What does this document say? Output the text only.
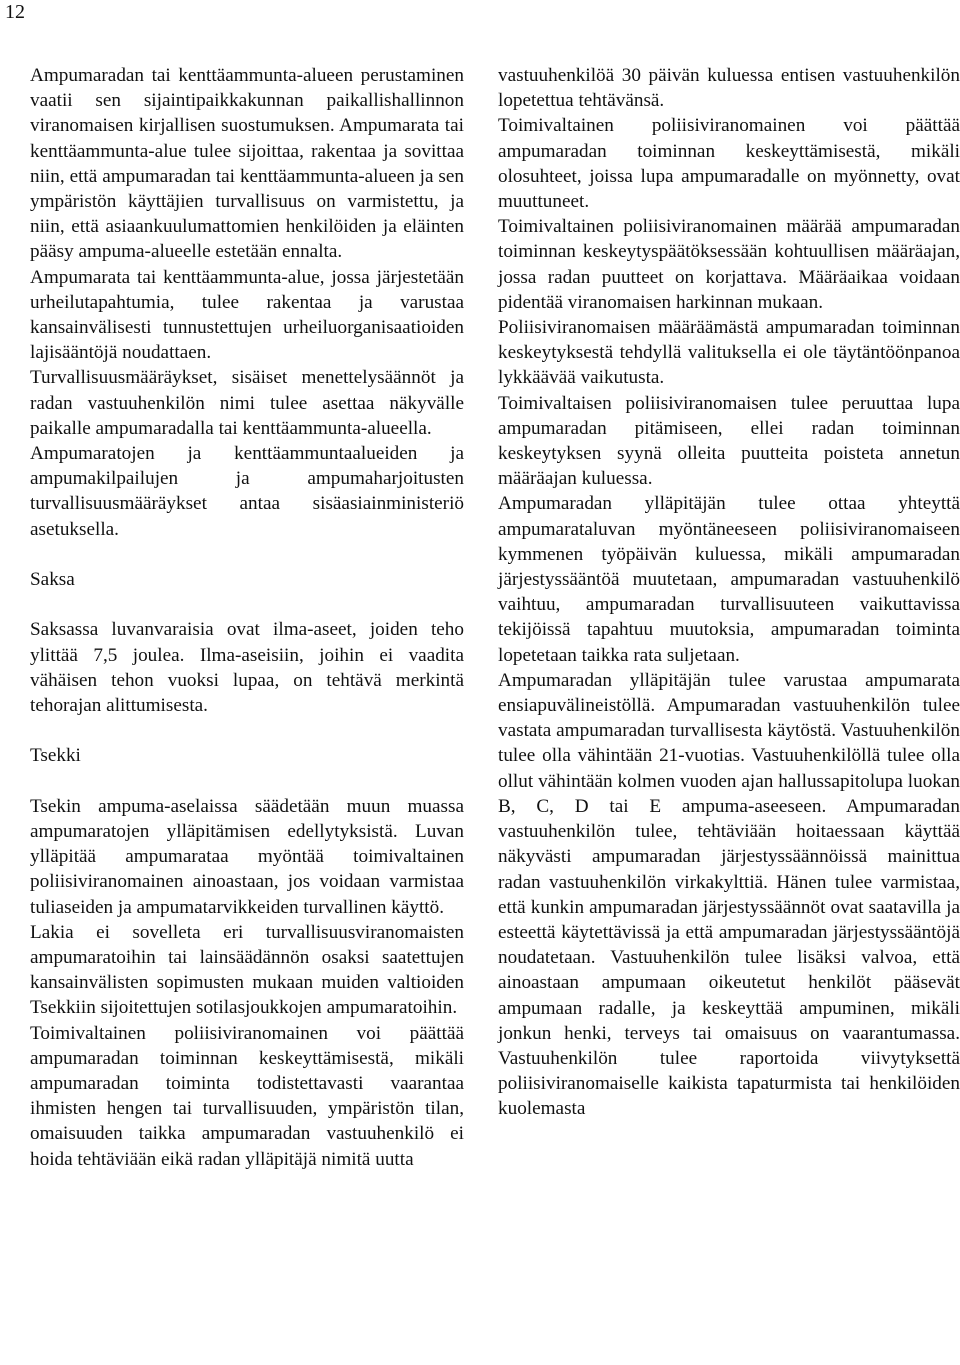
12

Ampumaradan tai kenttäammunta-alueen perustaminen vaatii sen sijaintipaikkakunnan paikallishallinnon viranomaisen kirjallisen suostumuksen. Ampumarata tai kenttäammunta-alue tulee sijoittaa, rakentaa ja sovittaa niin, että ampumaradan tai kenttäammunta-alueen ja sen ympäristön käyttäjien turvallisuus on varmistettu, ja niin, että asiaankuulumattomien henkilöiden ja eläinten pääsy ampuma-alueelle estetään ennalta.

Ampumarata tai kenttäammunta-alue, jossa järjestetään urheilutapahtumia, tulee rakentaa ja varustaa kansainvälisesti tunnustettujen urheiluorganisaatioiden lajisääntöjä noudattaen.

Turvallisuusmääräykset, sisäiset menettelysäännöt ja radan vastuuhenkilön nimi tulee asettaa näkyvälle paikalle ampumaradalla tai kenttäammunta-alueella.

Ampumaratojen ja kenttäammuntaalueiden ja ampumakilpailujen ja ampumaharjoitusten turvallisuusmääräykset antaa sisäasiainministeriö asetuksella.

Saksa

Saksassa luvanvaraisia ovat ilma-aseet, joiden teho ylittää 7,5 joulea. Ilma-aseisiin, joihin ei vaadita vähäisen tehon vuoksi lupaa, on tehtävä merkintä tehorajan alittumisesta.

Tsekki

Tsekin ampuma-aselaissa säädetään muun muassa ampumaratojen ylläpitämisen edellytyksistä. Luvan ylläpitää ampumarataa myöntää toimivaltainen poliisiviranomainen ainoastaan, jos voidaan varmistaa tuliaseiden ja ampumatarvikkeiden turvallinen käyttö.

Lakia ei sovelleta eri turvallisuusviranomaisten ampumaratoihin tai lainsäädännön osaksi saatettujen kansainvälisten sopimusten mukaan muiden valtioiden Tsekkiin sijoitettujen sotilasjoukkojen ampumaratoihin.

Toimivaltainen poliisiviranomainen voi päättää ampumaradan toiminnan keskeyttämisestä, mikäli ampumaradan toiminta todistettavasti vaarantaa ihmisten hengen tai turvallisuuden, ympäristön tilan, omaisuuden taikka ampumaradan vastuuhenkilö ei hoida tehtäviään eikä radan ylläpitäjä nimitä uutta

vastuuhenkilöä 30 päivän kuluessa entisen vastuuhenkilön lopetettua tehtävänsä.

Toimivaltainen poliisiviranomainen voi päättää ampumaradan toiminnan keskeyttämisestä, mikäli olosuhteet, joissa lupa ampumaradalle on myönnetty, ovat muuttuneet.

Toimivaltainen poliisiviranomainen määrää ampumaradan toiminnan keskeytyspäätöksessään kohtuullisen määräajan, jossa radan puutteet on korjattava. Määräaikaa voidaan pidentää viranomaisen harkinnan mukaan.

Poliisiviranomaisen määräämästä ampumaradan toiminnan keskeytyksestä tehdyllä valituksella ei ole täytäntöönpanoa lykkäävää vaikutusta.

Toimivaltaisen poliisiviranomaisen tulee peruuttaa lupa ampumaradan pitämiseen, ellei radan toiminnan keskeytyksen syynä olleita puutteita poisteta annetun määräajan kuluessa.

Ampumaradan ylläpitäjän tulee ottaa yhteyttä ampumarataluvan myöntäneeseen poliisiviranomaiseen kymmenen työpäivän kuluessa, mikäli ampumaradan järjestyssääntöä muutetaan, ampumaradan vastuuhenkilö vaihtuu, ampumaradan turvallisuuteen vaikuttavissa tekijöissä tapahtuu muutoksia, ampumaradan toiminta lopetetaan taikka rata suljetaan.

Ampumaradan ylläpitäjän tulee varustaa ampumarata ensiapuvälineistöllä. Ampumaradan vastuuhenkilön tulee vastata ampumaradan turvallisesta käytöstä. Vastuuhenkilön tulee olla vähintään 21-vuotias. Vastuuhenkilöllä tulee olla ollut vähintään kolmen vuoden ajan hallussapitolupa luokan B, C, D tai E ampuma-aseeseen. Ampumaradan vastuuhenkilön tulee, tehtäviään hoitaessaan käyttää näkyvästi ampumaradan järjestyssäännöissä mainittua radan vastuuhenkilön virkakylttiä. Hänen tulee varmistaa, että kunkin ampumaradan järjestyssäännöt ovat saatavilla ja esteettä käytettävissä ja että ampumaradan järjestyssääntöjä noudatetaan. Vastuuhenkilön tulee lisäksi valvoa, että ainoastaan ampumaan oikeutetut henkilöt pääsevät ampumaan radalle, ja keskeyttää ampuminen, mikäli jonkun henki, terveys tai omaisuus on vaarantumassa. Vastuuhenkilön tulee raportoida viivytyksettä poliisiviranomaiselle kaikista tapaturmista tai henkilöiden kuolemasta
